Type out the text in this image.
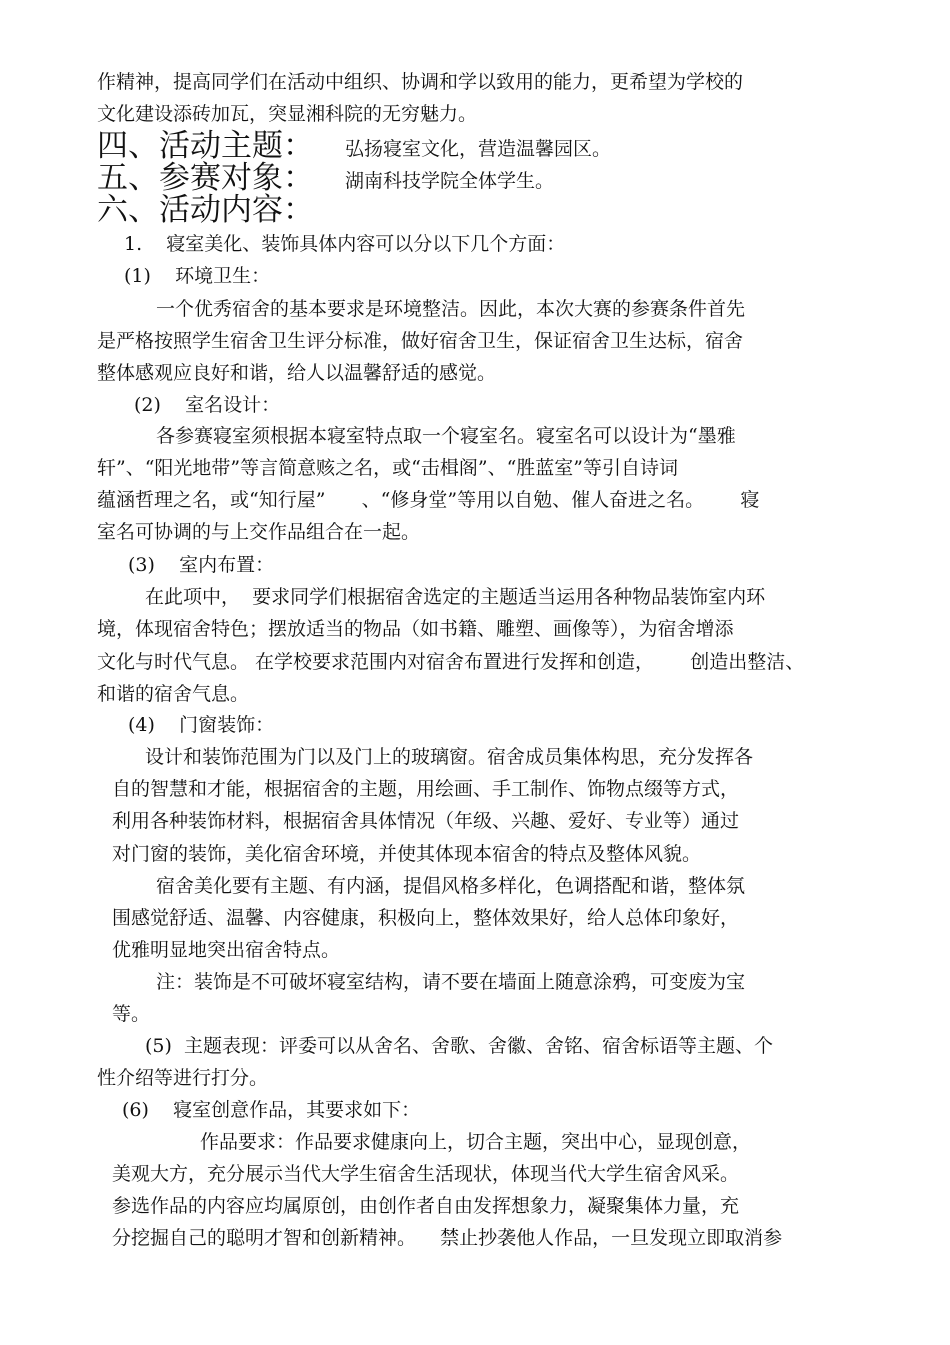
作精神，提高同学们在活动中组织、协调和学以致用的能力，更希望为学校的
文化建设添砖加瓦，突显湘科院的无穷魅力。
四、活动主题： 弘扬寝室文化，营造温馨园区。
五、参赛对象： 湖南科技学院全体学生。
六、活动内容：
1.    寝室美化、装饰具体内容可以分以下几个方面：
(1)    环境卫生：
一个优秀宿舍的基本要求是环境整洁。因此，本次大赛的参赛条件首先
是严格按照学生宿舍卫生评分标准，做好宿舍卫生，保证宿舍卫生达标，宿舍
整体感观应良好和谐，给人以温馨舒适的感觉。
(2)    室名设计：
各参赛寝室须根据本寝室特点取一个寝室名。寝室名可以设计为“墨雅
轩”、“阳光地带”等言简意赅之名，或“击楫阁”、“胜蓝室”等引自诗词
蕴涵哲理之名，或“知行屋”      、“修身堂”等用以自勉、催人奋进之名。      寝
室名可协调的与上交作品组合在一起。
(3)    室内布置：
在此项中，  要求同学们根据宿舍选定的主题适当运用各种物品装饰室内环
境，体现宿舍特色；摆放适当的物品（如书籍、雕塑、画像等），为宿舍增添
文化与时代气息。 在学校要求范围内对宿舍布置进行发挥和创造，      创造出整洁、
和谐的宿舍气息。
(4)    门窗装饰：
设计和装饰范围为门以及门上的玻璃窗。宿舍成员集体构思，充分发挥各
自的智慧和才能，根据宿舍的主题，用绘画、手工制作、饰物点缀等方式，
利用各种装饰材料，根据宿舍具体情况（年级、兴趣、爱好、专业等）通过
对门窗的装饰，美化宿舍环境，并使其体现本宿舍的特点及整体风貌。
宿舍美化要有主题、有内涵，提倡风格多样化，色调搭配和谐，整体氛
围感觉舒适、温馨、内容健康，积极向上，整体效果好，给人总体印象好，
优雅明显地突出宿舍特点。
注：装饰是不可破坏寝室结构，请不要在墙面上随意涂鸦，可变废为宝
等。
(5)  主题表现：评委可以从舍名、舍歌、舍徽、舍铭、宿舍标语等主题、个
性介绍等进行打分。
(6)    寝室创意作品，其要求如下：
作品要求：作品要求健康向上，切合主题，突出中心，显现创意，
美观大方，充分展示当代大学生宿舍生活现状，体现当代大学生宿舍风采。
参选作品的内容应均属原创，由创作者自由发挥想象力，凝聚集体力量，充
分挖掘自己的聪明才智和创新精神。    禁止抄袭他人作品，一旦发现立即取消参
